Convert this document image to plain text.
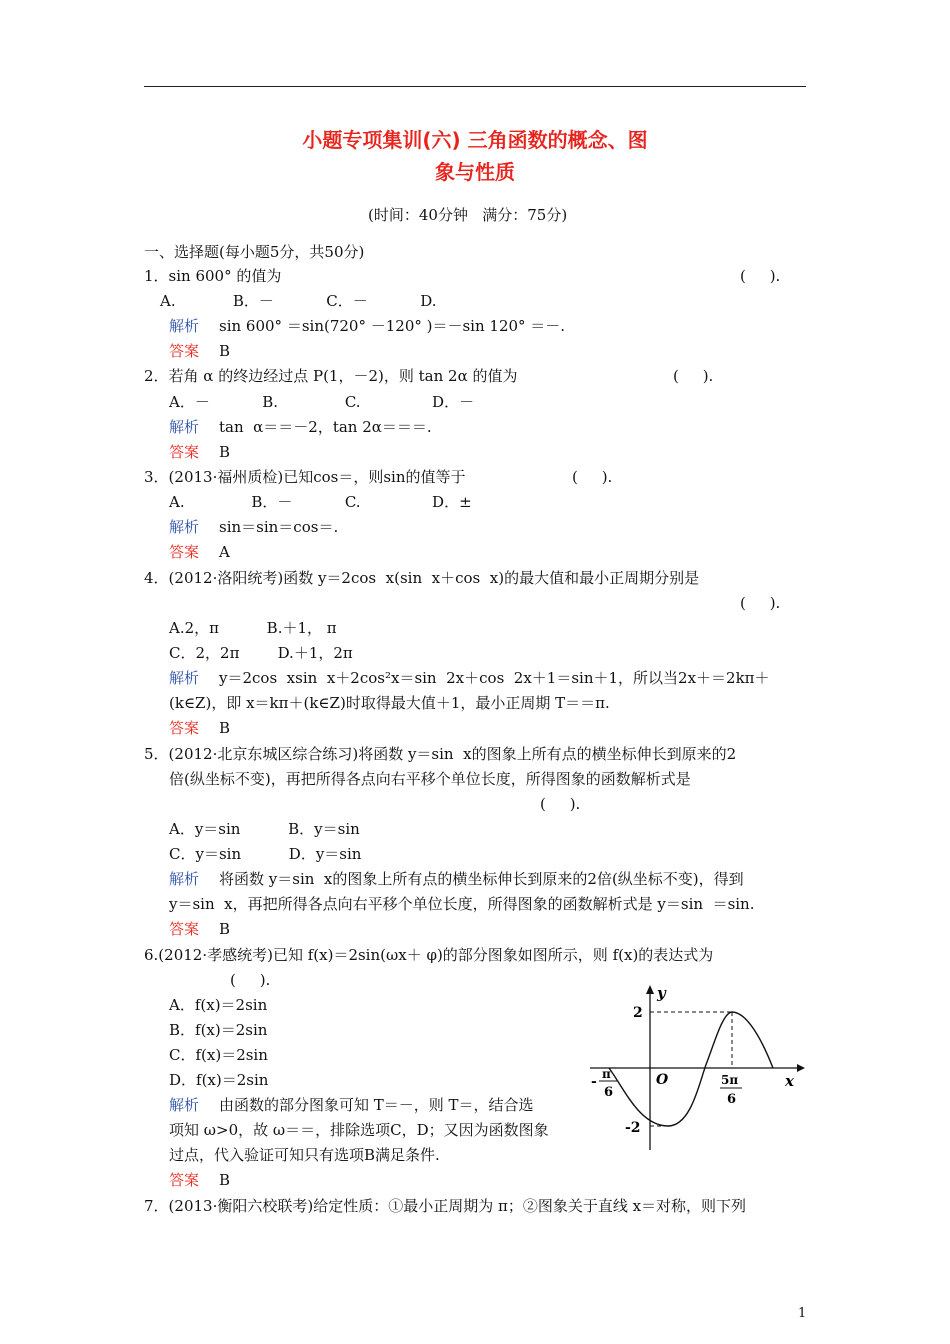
小题专项集训(六) 三角函数的概念、图
象与性质
(时间：40分钟   满分：75分)
一、选择题(每小题5分，共50分)
1．sin 600° 的值为	(     ).
A.            B．－           C．－           D.
解析 sin 600° ＝sin(720° －120° )＝－sin 120° ＝－.
答案 B
2．若角 α 的终边经过点 P(1，－2)，则 tan 2α 的值为	(     ).
A．－           B.              C.               D．－
解析 tan  α＝＝－2，tan 2α＝＝＝.
答案 B
3．(2013·福州质检)已知cos＝，则sin的值等于	(     ).
A.              B．－           C.               D．±
解析 sin＝sin＝cos＝.
答案 A
4．(2012·洛阳统考)函数 y＝2cos  x(sin  x＋cos  x)的最大值和最小正周期分别是
(     ).
A.2，π          B.＋1， π
C．2，2π        D.＋1，2π
解析 y＝2cos  xsin  x＋2cos²x＝sin  2x＋cos  2x＋1＝sin＋1，所以当2x＋＝2kπ＋
(k∈Z)，即 x＝kπ＋(k∈Z)时取得最大值＋1，最小正周期 T＝＝π.
答案 B
5．(2012·北京东城区综合练习)将函数 y＝sin  x的图象上所有点的横坐标伸长到原来的2
倍(纵坐标不变)，再把所得各点向右平移个单位长度，所得图象的函数解析式是
(     ).
A．y＝sin          B．y＝sin
C．y＝sin          D．y＝sin
解析 将函数 y＝sin  x的图象上所有点的横坐标伸长到原来的2倍(纵坐标不变)，得到
y＝sin  x，再把所得各点向右平移个单位长度，所得图象的函数解析式是 y＝sin  ＝sin.
答案 B
6.(2012·孝感统考)已知 f(x)＝2sin(ωx＋ φ)的部分图象如图所示，则 f(x)的表达式为
(     ).
A．f(x)＝2sin
B．f(x)＝2sin
C．f(x)＝2sin
D．f(x)＝2sin
解析 由函数的部分图象可知 T＝－，则 T＝，结合选
项知 ω>0，故 ω＝＝，排除选项C，D；又因为函数图象
过点，代入验证可知只有选项B满足条件.
答案 B
7．(2013·衡阳六校联考)给定性质：①最小正周期为 π；②图象关于直线 x＝对称，则下列
y
x
2
-2
O
- π
6
5π
6
1
